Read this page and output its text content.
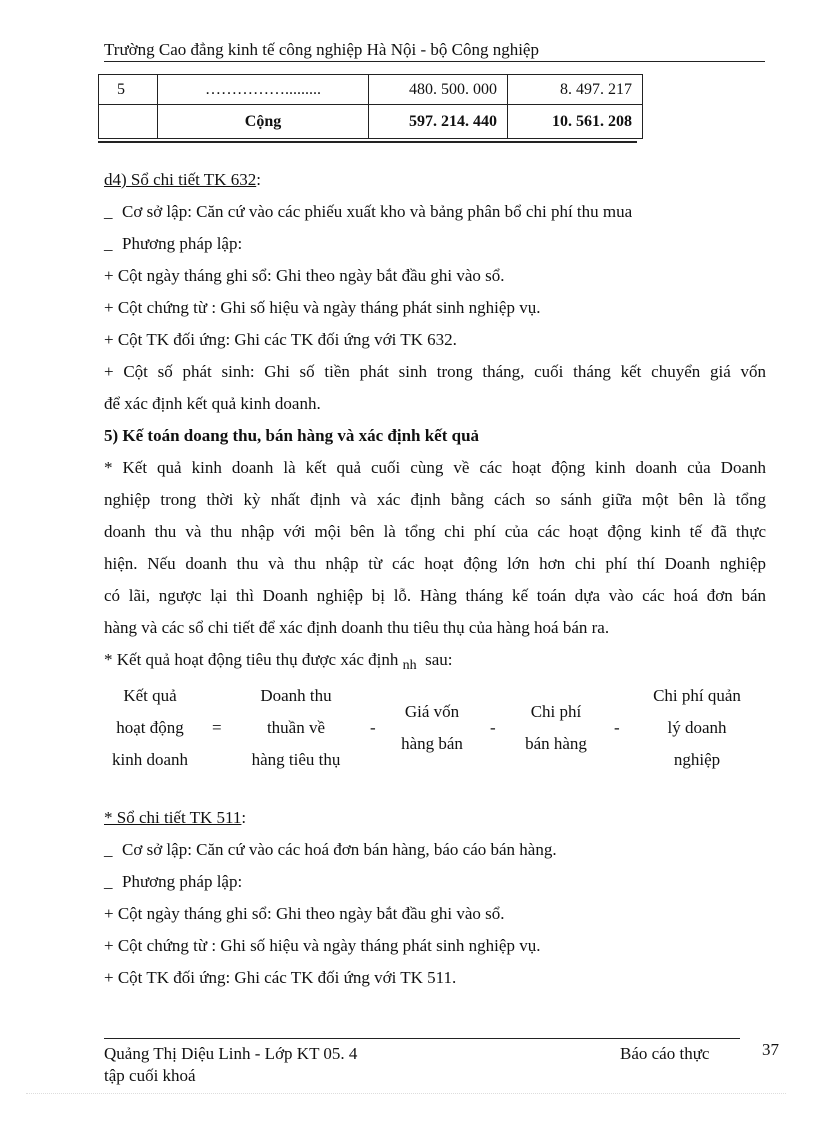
Trường Cao đẳng kinh tế công nghiệp Hà Nội - bộ Công nghiệp
5	…………….........	480. 500. 000	8. 497. 217
	Cộng	597. 214. 440	10. 561. 208

d4) Sổ chi tiết TK 632:

_ Cơ sở lập: Căn cứ vào các phiếu xuất kho và bảng phân bổ chi phí thu mua

_ Phương pháp lập:

+ Cột ngày tháng ghi sổ: Ghi theo ngày bắt đầu ghi vào sổ.

+ Cột chứng từ : Ghi số hiệu và ngày tháng phát sinh nghiệp vụ.

+ Cột TK đối ứng: Ghi các TK đối ứng với TK 632.

+ Cột số phát sinh: Ghi số tiền phát sinh trong tháng, cuối tháng kết chuyển giá vốn

để xác định kết quả kinh doanh.

5) Kế toán doang thu, bán hàng và xác định kết quả

* Kết quả kinh doanh là kết quả cuối cùng về các hoạt động kinh doanh của Doanh

nghiệp trong thời kỳ nhất định và xác định bằng cách so sánh giữa một bên là tổng

doanh thu và thu nhập với mội bên là tổng chi phí của các hoạt động kinh tế đã thực

hiện. Nếu doanh thu và thu nhập từ các hoạt động lớn hơn chi phí thí Doanh nghiệp

có lãi, ngược lại thì Doanh nghiệp bị lỗ. Hàng tháng kế toán dựa vào các hoá đơn bán

hàng và các sổ chi tiết để xác định doanh thu tiêu thụ của hàng hoá bán ra.

* Kết quả hoạt động tiêu thụ được xác định $_{nh}$ sau:

Kết quả
hoạt động
kinh doanh
=
Doanh thu
thuần về
hàng tiêu thụ
-
Giá vốn
hàng bán
-
Chi phí
bán hàng
-
Chi phí quản
lý doanh
nghiệp

* Sổ chi tiết TK 511:

_ Cơ sở lập: Căn cứ vào các hoá đơn bán hàng, báo cáo bán hàng.

_ Phương pháp lập:

+ Cột ngày tháng ghi sổ: Ghi theo ngày bắt đầu ghi vào sổ.

+ Cột chứng từ : Ghi số hiệu và ngày tháng phát sinh nghiệp vụ.

+ Cột TK đối ứng: Ghi các TK đối ứng với TK 511.

Quảng Thị Diệu Linh - Lớp KT 05. 4	Báo cáo thực
tập cuối khoá
37
